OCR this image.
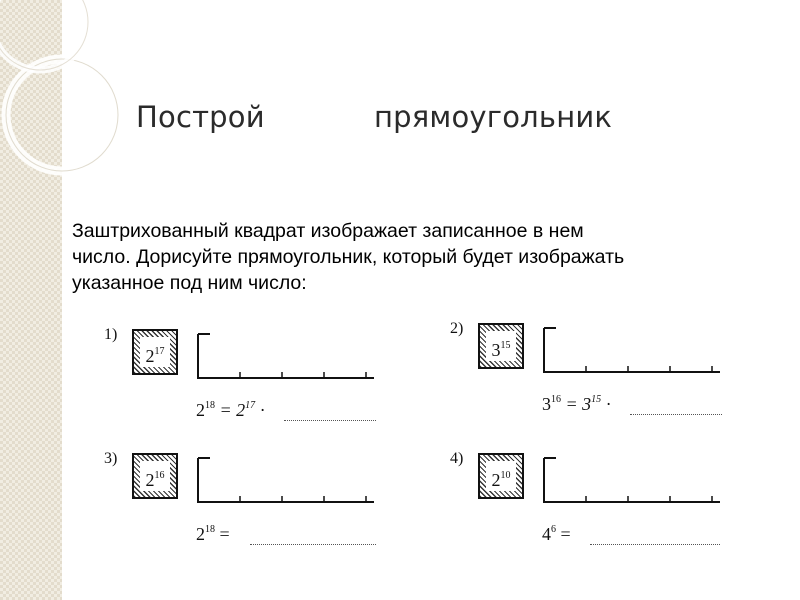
Построй	прямоугольник
Заштрихованный квадрат изображает записанное в нем
число. Дорисуйте прямоугольник, который будет изображать
указанное под ним число:
1)
$2^{17}$
$2^{18} = 2^{17}$ ·
2)
$3^{15}$
$3^{16} = 3^{15}$ ·
3)
$2^{16}$
$2^{18}$ =
4)
$2^{10}$
$4^6$ =
